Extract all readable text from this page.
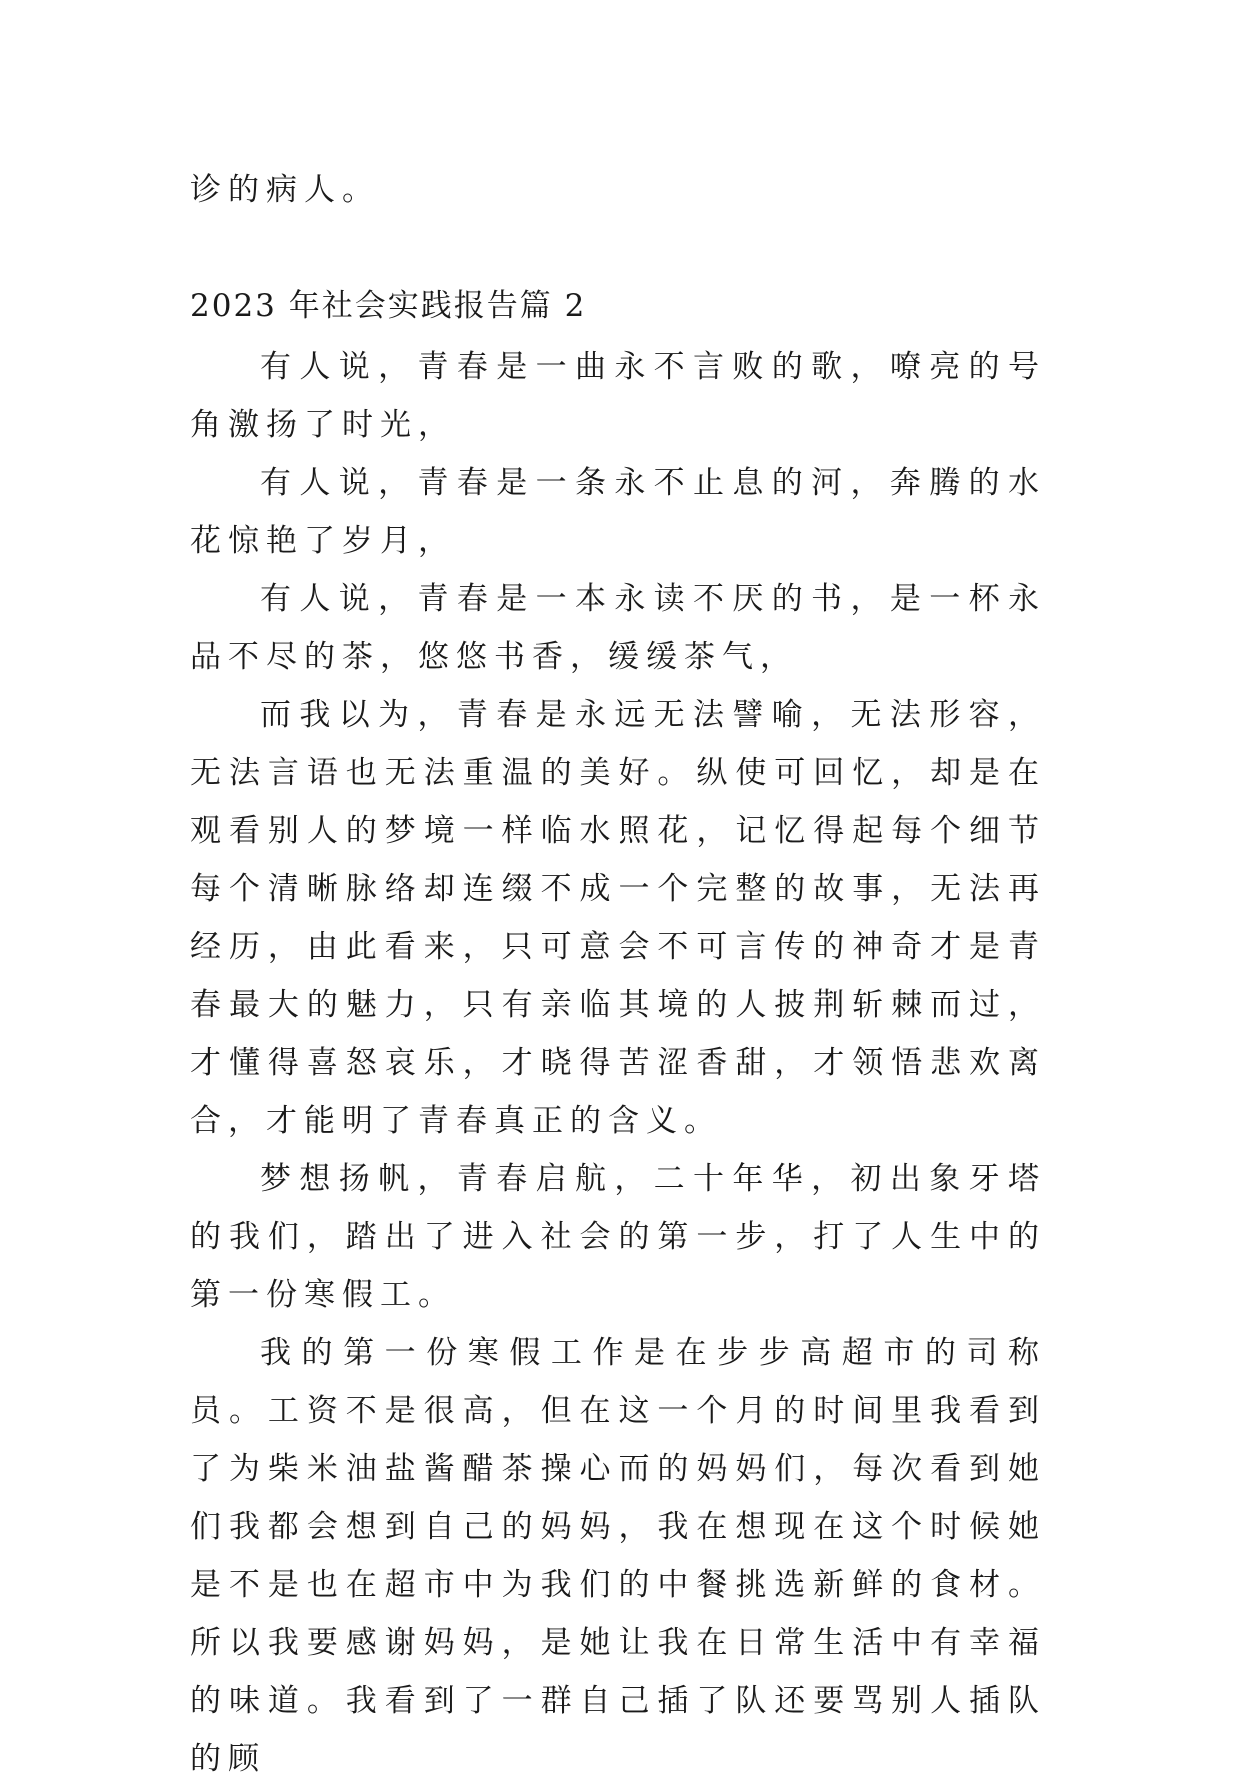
诊的病人。
2023 年社会实践报告篇 2

有人说，青春是一曲永不言败的歌，嘹亮的号角激扬了时光，

有人说，青春是一条永不止息的河，奔腾的水花惊艳了岁月，

有人说，青春是一本永读不厌的书，是一杯永品不尽的茶，悠悠书香，缓缓茶气，

而我以为，青春是永远无法譬喻，无法形容，无法言语也无法重温的美好。纵使可回忆，却是在观看别人的梦境一样临水照花，记忆得起每个细节每个清晰脉络却连缀不成一个完整的故事，无法再经历，由此看来，只可意会不可言传的神奇才是青春最大的魅力，只有亲临其境的人披荆斩棘而过，才懂得喜怒哀乐，才晓得苦涩香甜，才领悟悲欢离合，才能明了青春真正的含义。

梦想扬帆，青春启航，二十年华，初出象牙塔的我们，踏出了进入社会的第一步，打了人生中的第一份寒假工。

我的第一份寒假工作是在步步高超市的司称员。工资不是很高，但在这一个月的时间里我看到了为柴米油盐酱醋茶操心而的妈妈们，每次看到她们我都会想到自己的妈妈，我在想现在这个时候她是不是也在超市中为我们的中餐挑选新鲜的食材。所以我要感谢妈妈，是她让我在日常生活中有幸福的味道。我看到了一群自己插了队还要骂别人插队的顾
